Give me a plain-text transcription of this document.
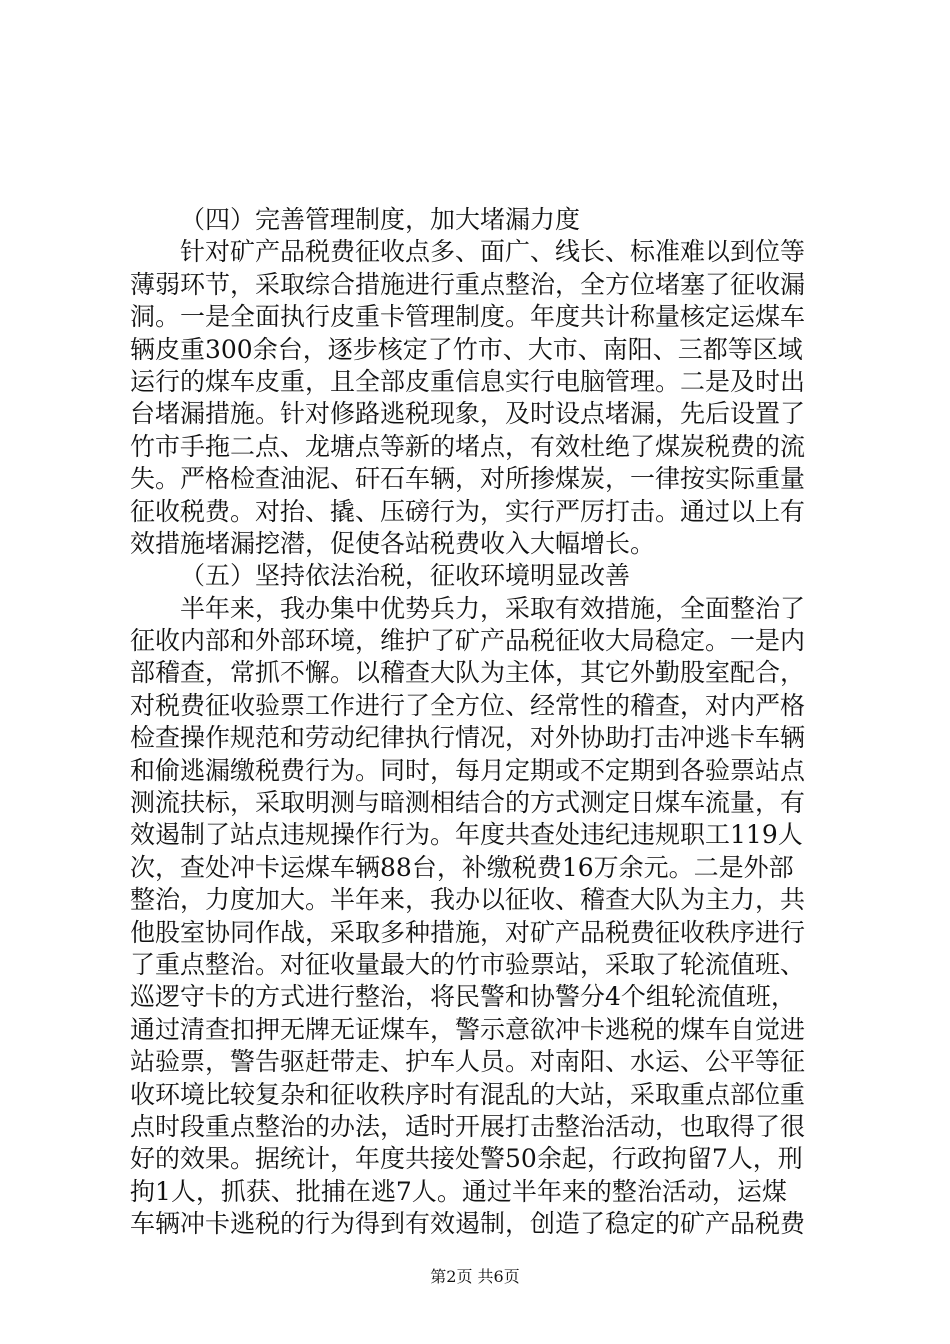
（四）完善管理制度，加大堵漏力度
针对矿产品税费征收点多、面广、线长、标准难以到位等
薄弱环节，采取综合措施进行重点整治，全方位堵塞了征收漏
洞。一是全面执行皮重卡管理制度。年度共计称量核定运煤车
辆皮重300余台，逐步核定了竹市、大市、南阳、三都等区域
运行的煤车皮重，且全部皮重信息实行电脑管理。二是及时出
台堵漏措施。针对修路逃税现象，及时设点堵漏，先后设置了
竹市手拖二点、龙塘点等新的堵点，有效杜绝了煤炭税费的流
失。严格检查油泥、矸石车辆，对所掺煤炭，一律按实际重量
征收税费。对抬、撬、压磅行为，实行严厉打击。通过以上有
效措施堵漏挖潜，促使各站税费收入大幅增长。
（五）坚持依法治税，征收环境明显改善
半年来，我办集中优势兵力，采取有效措施，全面整治了
征收内部和外部环境，维护了矿产品税征收大局稳定。一是内
部稽查，常抓不懈。以稽查大队为主体，其它外勤股室配合，
对税费征收验票工作进行了全方位、经常性的稽查，对内严格
检查操作规范和劳动纪律执行情况，对外协助打击冲逃卡车辆
和偷逃漏缴税费行为。同时，每月定期或不定期到各验票站点
测流扶标，采取明测与暗测相结合的方式测定日煤车流量，有
效遏制了站点违规操作行为。年度共查处违纪违规职工119人
次，查处冲卡运煤车辆88台，补缴税费16万余元。二是外部
整治，力度加大。半年来，我办以征收、稽查大队为主力，共
他股室协同作战，采取多种措施，对矿产品税费征收秩序进行
了重点整治。对征收量最大的竹市验票站，采取了轮流值班、
巡逻守卡的方式进行整治，将民警和协警分4个组轮流值班，
通过清查扣押无牌无证煤车，警示意欲冲卡逃税的煤车自觉进
站验票，警告驱赶带走、护车人员。对南阳、水运、公平等征
收环境比较复杂和征收秩序时有混乱的大站，采取重点部位重
点时段重点整治的办法，适时开展打击整治活动，也取得了很
好的效果。据统计，年度共接处警50余起，行政拘留7人，刑
拘1人，抓获、批捕在逃7人。通过半年来的整治活动，运煤
车辆冲卡逃税的行为得到有效遏制，创造了稳定的矿产品税费
第2页 共6页
